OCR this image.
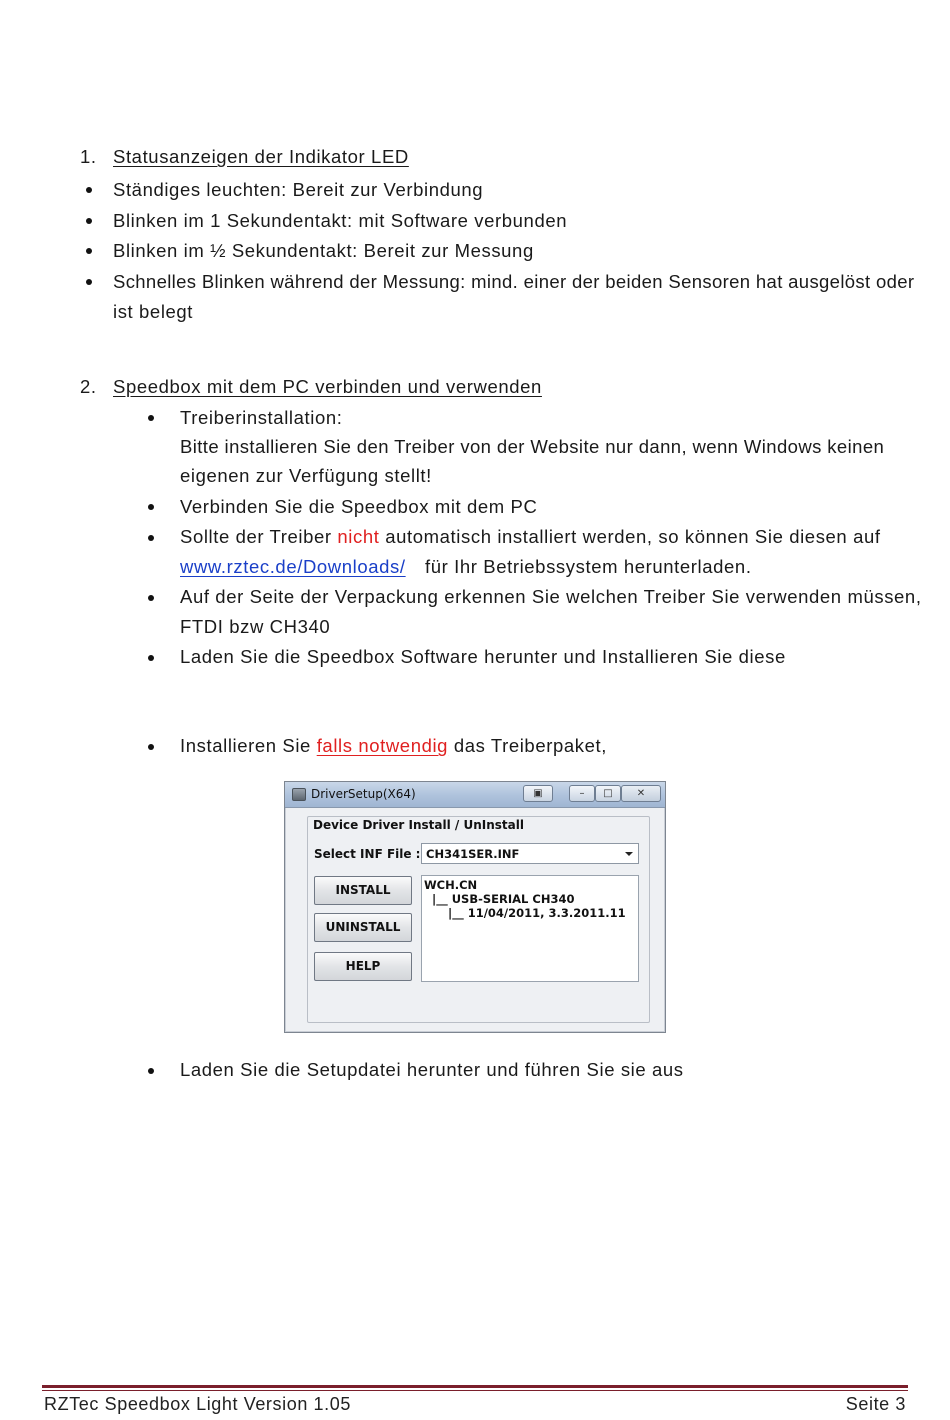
1. Statusanzeigen der Indikator LED
Ständiges leuchten: Bereit zur Verbindung
Blinken im 1 Sekundentakt: mit Software verbunden
Blinken im ½ Sekundentakt: Bereit zur Messung
Schnelles Blinken während der Messung: mind. einer der beiden Sensoren hat ausgelöst oder
ist belegt
2. Speedbox mit dem PC verbinden und verwenden
Treiberinstallation:
Bitte installieren Sie den Treiber von der Website nur dann, wenn Windows keinen
eigenen zur Verfügung stellt!
Verbinden Sie die Speedbox mit dem PC
Sollte der Treiber nicht automatisch installiert werden, so können Sie diesen auf
www.rztec.de/Downloads/ für Ihr Betriebssystem herunterladen.
Auf der Seite der Verpackung erkennen Sie welchen Treiber Sie verwenden müssen,
FTDI bzw CH340
Laden Sie die Speedbox Software herunter und Installieren Sie diese
Installieren Sie falls notwendig das Treiberpaket,
DriverSetup(X64)	▣	–	□	✕
Device Driver Install / UnInstall
Select INF File : CH341SER.INF
INSTALL
UNINSTALL
HELP
WCH.CN
|__ USB-SERIAL CH340
|__ 11/04/2011, 3.3.2011.11
Laden Sie die Setupdatei herunter und führen Sie sie aus
RZTec Speedbox Light Version 1.05	Seite 3
